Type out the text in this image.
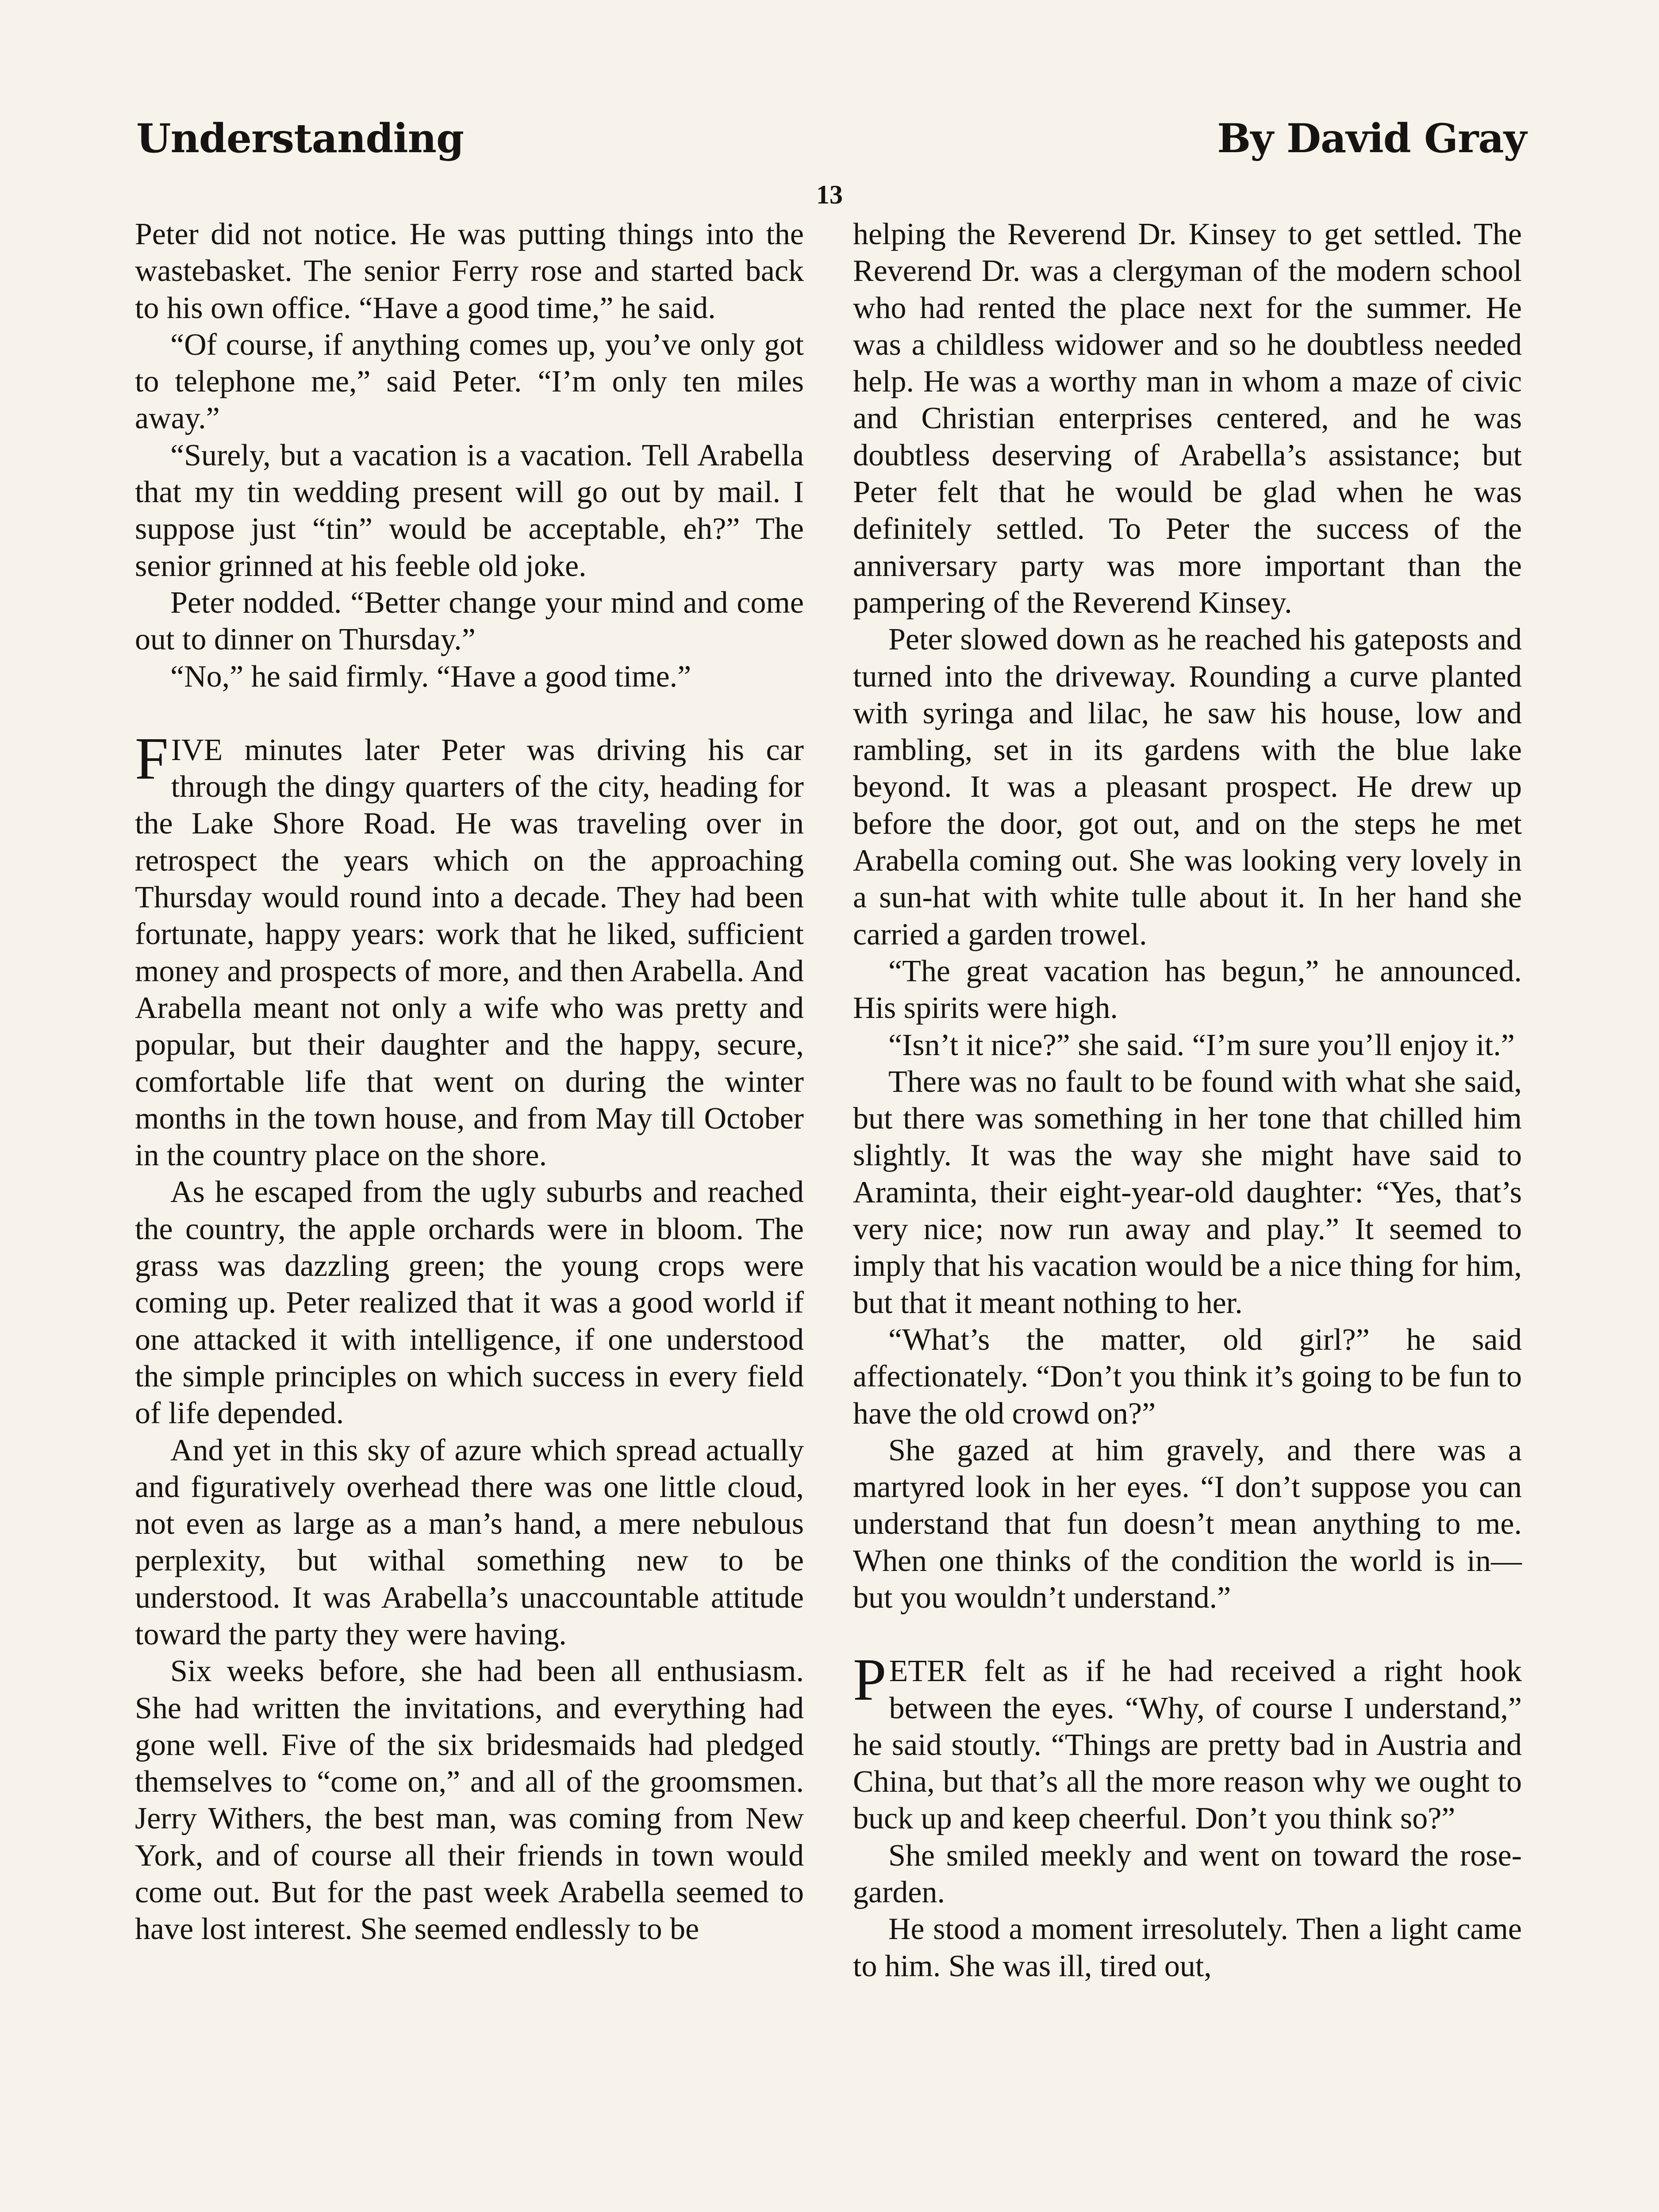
Understanding	By David Gray
13

Peter did not notice. He was putting things into the wastebasket. The senior Ferry rose and started back to his own office. “Have a good time,” he said.

“Of course, if anything comes up, you’ve only got to telephone me,” said Peter. “I’m only ten miles away.”

“Surely, but a vacation is a vacation. Tell Arabella that my tin wedding present will go out by mail. I suppose just “tin” would be acceptable, eh?” The senior grinned at his feeble old joke.

Peter nodded. “Better change your mind and come out to dinner on Thursday.”

“No,” he said firmly. “Have a good time.”

FIVE minutes later Peter was driving his car through the dingy quarters of the city, heading for the Lake Shore Road. He was traveling over in retrospect the years which on the approaching Thursday would round into a decade. They had been fortunate, happy years: work that he liked, sufficient money and prospects of more, and then Arabella. And Arabella meant not only a wife who was pretty and popular, but their daughter and the happy, secure, comfortable life that went on during the winter months in the town house, and from May till October in the country place on the shore.

As he escaped from the ugly suburbs and reached the country, the apple orchards were in bloom. The grass was dazzling green; the young crops were coming up. Peter realized that it was a good world if one attacked it with intelligence, if one understood the simple principles on which success in every field of life depended.

And yet in this sky of azure which spread actually and figuratively overhead there was one little cloud, not even as large as a man’s hand, a mere nebulous perplexity, but withal something new to be understood. It was Arabella’s unaccountable attitude toward the party they were having.

Six weeks before, she had been all enthusiasm. She had written the invitations, and everything had gone well. Five of the six bridesmaids had pledged themselves to “come on,” and all of the groomsmen. Jerry Withers, the best man, was coming from New York, and of course all their friends in town would come out. But for the past week Arabella seemed to have lost interest. She seemed endlessly to be

helping the Reverend Dr. Kinsey to get settled. The Reverend Dr. was a clergyman of the modern school who had rented the place next for the summer. He was a childless widower and so he doubtless needed help. He was a worthy man in whom a maze of civic and Christian enterprises centered, and he was doubtless deserving of Arabella’s assistance; but Peter felt that he would be glad when he was definitely settled. To Peter the success of the anniversary party was more important than the pampering of the Reverend Kinsey.

Peter slowed down as he reached his gateposts and turned into the driveway. Rounding a curve planted with syringa and lilac, he saw his house, low and rambling, set in its gardens with the blue lake beyond. It was a pleasant prospect. He drew up before the door, got out, and on the steps he met Arabella coming out. She was looking very lovely in a sun-hat with white tulle about it. In her hand she carried a garden trowel.

“The great vacation has begun,” he announced. His spirits were high.

“Isn’t it nice?” she said. “I’m sure you’ll enjoy it.”

There was no fault to be found with what she said, but there was something in her tone that chilled him slightly. It was the way she might have said to Araminta, their eight-year-old daughter: “Yes, that’s very nice; now run away and play.” It seemed to imply that his vacation would be a nice thing for him, but that it meant nothing to her.

“What’s the matter, old girl?” he said affectionately. “Don’t you think it’s going to be fun to have the old crowd on?”

She gazed at him gravely, and there was a martyred look in her eyes. “I don’t suppose you can understand that fun doesn’t mean anything to me. When one thinks of the condition the world is in—but you wouldn’t understand.”

PETER felt as if he had received a right hook between the eyes. “Why, of course I understand,” he said stoutly. “Things are pretty bad in Austria and China, but that’s all the more reason why we ought to buck up and keep cheerful. Don’t you think so?”

She smiled meekly and went on toward the rose-garden.

He stood a moment irresolutely. Then a light came to him. She was ill, tired out,
